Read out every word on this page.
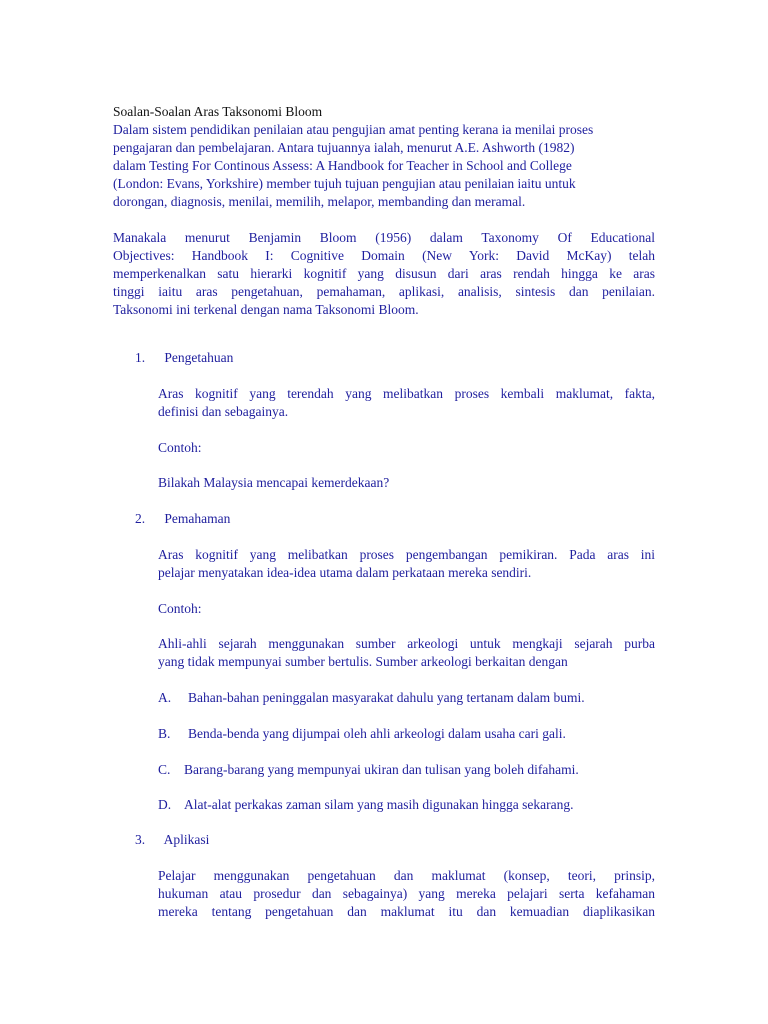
Soalan-Soalan Aras Taksonomi Bloom

Dalam sistem pendidikan penilaian atau pengujian amat penting kerana ia menilai proses
pengajaran dan pembelajaran. Antara tujuannya ialah, menurut A.E. Ashworth (1982)
dalam Testing For Continous Assess: A Handbook for Teacher in School and College
(London: Evans, Yorkshire) member tujuh tujuan pengujian atau penilaian iaitu untuk
dorongan, diagnosis, menilai, memilih, melapor, membanding dan meramal.

Manakala menurut Benjamin Bloom (1956) dalam Taxonomy Of Educational
Objectives: Handbook I: Cognitive Domain (New York: David McKay) telah
memperkenalkan satu hierarki kognitif yang disusun dari aras rendah hingga ke aras
tinggi iaitu aras pengetahuan, pemahaman, aplikasi, analisis, sintesis dan penilaian.
Taksonomi ini terkenal dengan nama Taksonomi Bloom.
1. Pengetahuan
Aras kognitif yang terendah yang melibatkan proses kembali maklumat, fakta,
definisi dan sebagainya.
Contoh:
Bilakah Malaysia mencapai kemerdekaan?
2. Pemahaman
Aras kognitif yang melibatkan proses pengembangan pemikiran. Pada aras ini
pelajar menyatakan idea-idea utama dalam perkataan mereka sendiri.
Contoh:
Ahli-ahli sejarah menggunakan sumber arkeologi untuk mengkaji sejarah purba
yang tidak mempunyai sumber bertulis. Sumber arkeologi berkaitan dengan
A. Bahan-bahan peninggalan masyarakat dahulu yang tertanam dalam bumi.
B. Benda-benda yang dijumpai oleh ahli arkeologi dalam usaha cari gali.
C. Barang-barang yang mempunyai ukiran dan tulisan yang boleh difahami.
D. Alat-alat perkakas zaman silam yang masih digunakan hingga sekarang.
3. Aplikasi
Pelajar menggunakan pengetahuan dan maklumat (konsep, teori, prinsip,
hukuman atau prosedur dan sebagainya) yang mereka pelajari serta kefahaman
mereka tentang pengetahuan dan maklumat itu dan kemuadian diaplikasikan
